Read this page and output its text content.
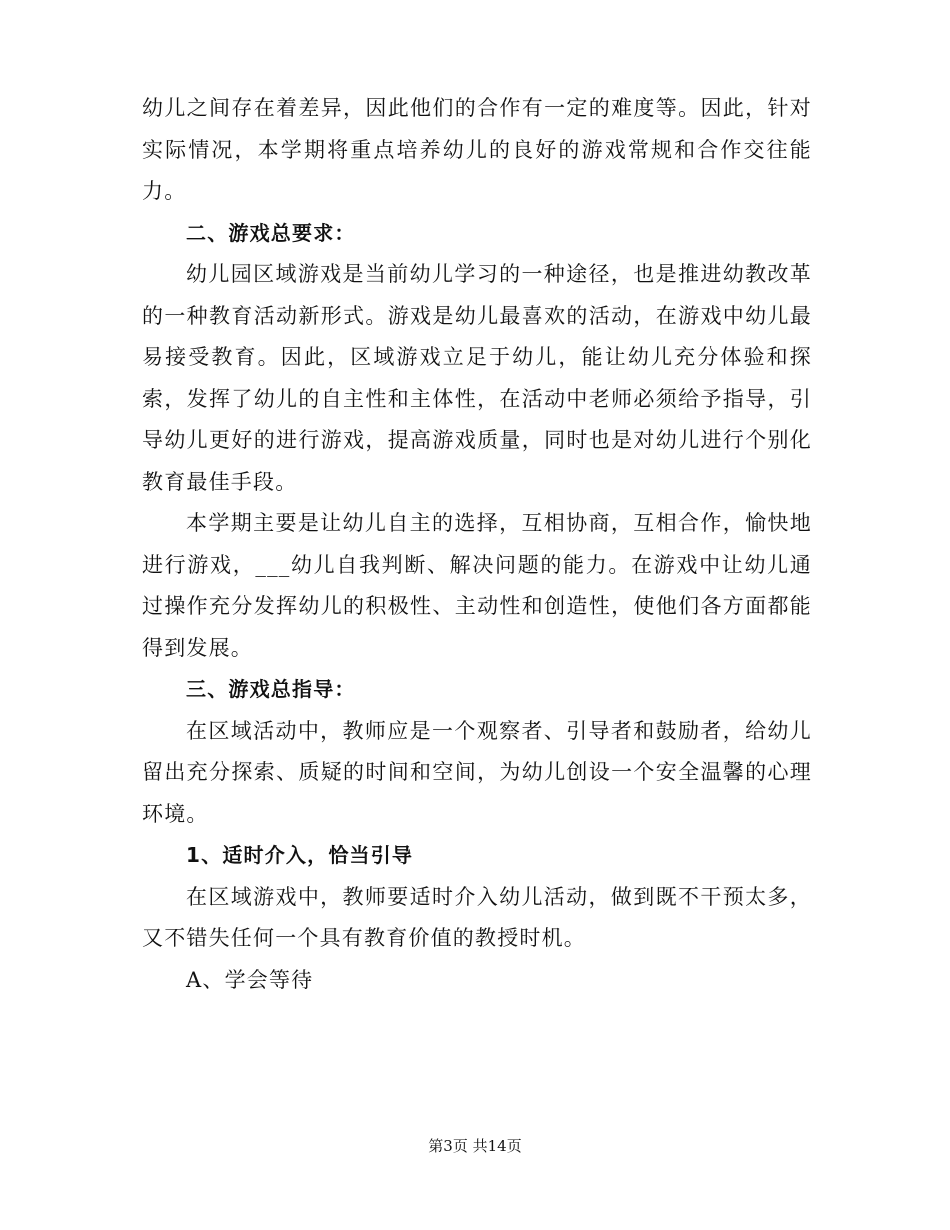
幼儿之间存在着差异，因此他们的合作有一定的难度等。因此，针对实际情况，本学期将重点培养幼儿的良好的游戏常规和合作交往能力。

二、游戏总要求：

幼儿园区域游戏是当前幼儿学习的一种途径，也是推进幼教改革的一种教育活动新形式。游戏是幼儿最喜欢的活动，在游戏中幼儿最易接受教育。因此，区域游戏立足于幼儿，能让幼儿充分体验和探索，发挥了幼儿的自主性和主体性，在活动中老师必须给予指导，引导幼儿更好的进行游戏，提高游戏质量，同时也是对幼儿进行个别化教育最佳手段。

本学期主要是让幼儿自主的选择，互相协商，互相合作，愉快地进行游戏，___幼儿自我判断、解决问题的能力。在游戏中让幼儿通过操作充分发挥幼儿的积极性、主动性和创造性，使他们各方面都能得到发展。

三、游戏总指导：

在区域活动中，教师应是一个观察者、引导者和鼓励者，给幼儿留出充分探索、质疑的时间和空间，为幼儿创设一个安全温馨的心理环境。

1、适时介入，恰当引导

在区域游戏中，教师要适时介入幼儿活动，做到既不干预太多，又不错失任何一个具有教育价值的教授时机。

A、学会等待

第3页 共14页
